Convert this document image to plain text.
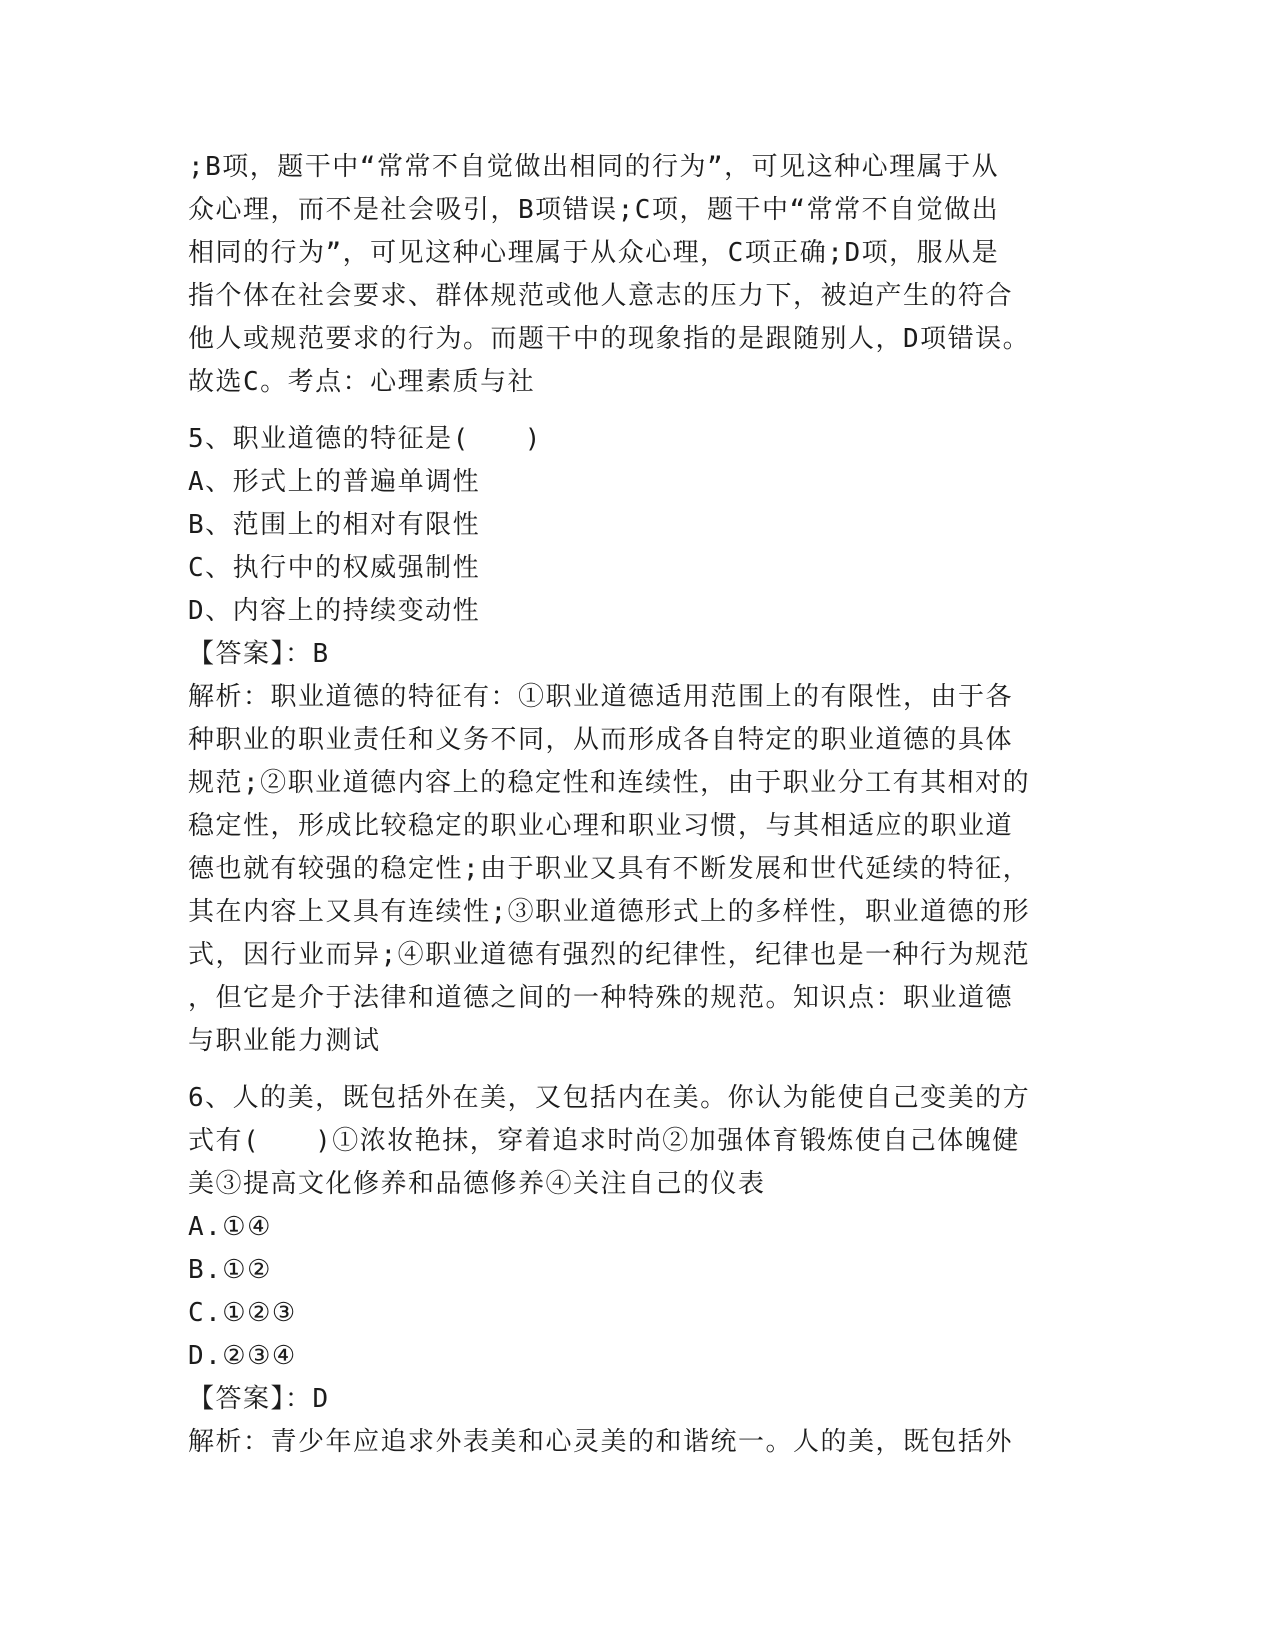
;B项，题干中“常常不自觉做出相同的行为”，可见这种心理属于从
众心理，而不是社会吸引，B项错误;C项，题干中“常常不自觉做出
相同的行为”，可见这种心理属于从众心理，C项正确;D项，服从是
指个体在社会要求、群体规范或他人意志的压力下，被迫产生的符合
他人或规范要求的行为。而题干中的现象指的是跟随别人，D项错误。
故选C。考点：心理素质与社
5、职业道德的特征是(　　)
A、形式上的普遍单调性
B、范围上的相对有限性
C、执行中的权威强制性
D、内容上的持续变动性
【答案】：B
解析：职业道德的特征有：①职业道德适用范围上的有限性，由于各
种职业的职业责任和义务不同，从而形成各自特定的职业道德的具体
规范;②职业道德内容上的稳定性和连续性，由于职业分工有其相对的
稳定性，形成比较稳定的职业心理和职业习惯，与其相适应的职业道
德也就有较强的稳定性;由于职业又具有不断发展和世代延续的特征，
其在内容上又具有连续性;③职业道德形式上的多样性，职业道德的形
式，因行业而异;④职业道德有强烈的纪律性，纪律也是一种行为规范
，但它是介于法律和道德之间的一种特殊的规范。知识点：职业道德
与职业能力测试
6、人的美，既包括外在美，又包括内在美。你认为能使自己变美的方
式有(　　)①浓妆艳抹，穿着追求时尚②加强体育锻炼使自己体魄健
美③提高文化修养和品德修养④关注自己的仪表
A.①④
B.①②
C.①②③
D.②③④
【答案】：D
解析：青少年应追求外表美和心灵美的和谐统一。人的美，既包括外
